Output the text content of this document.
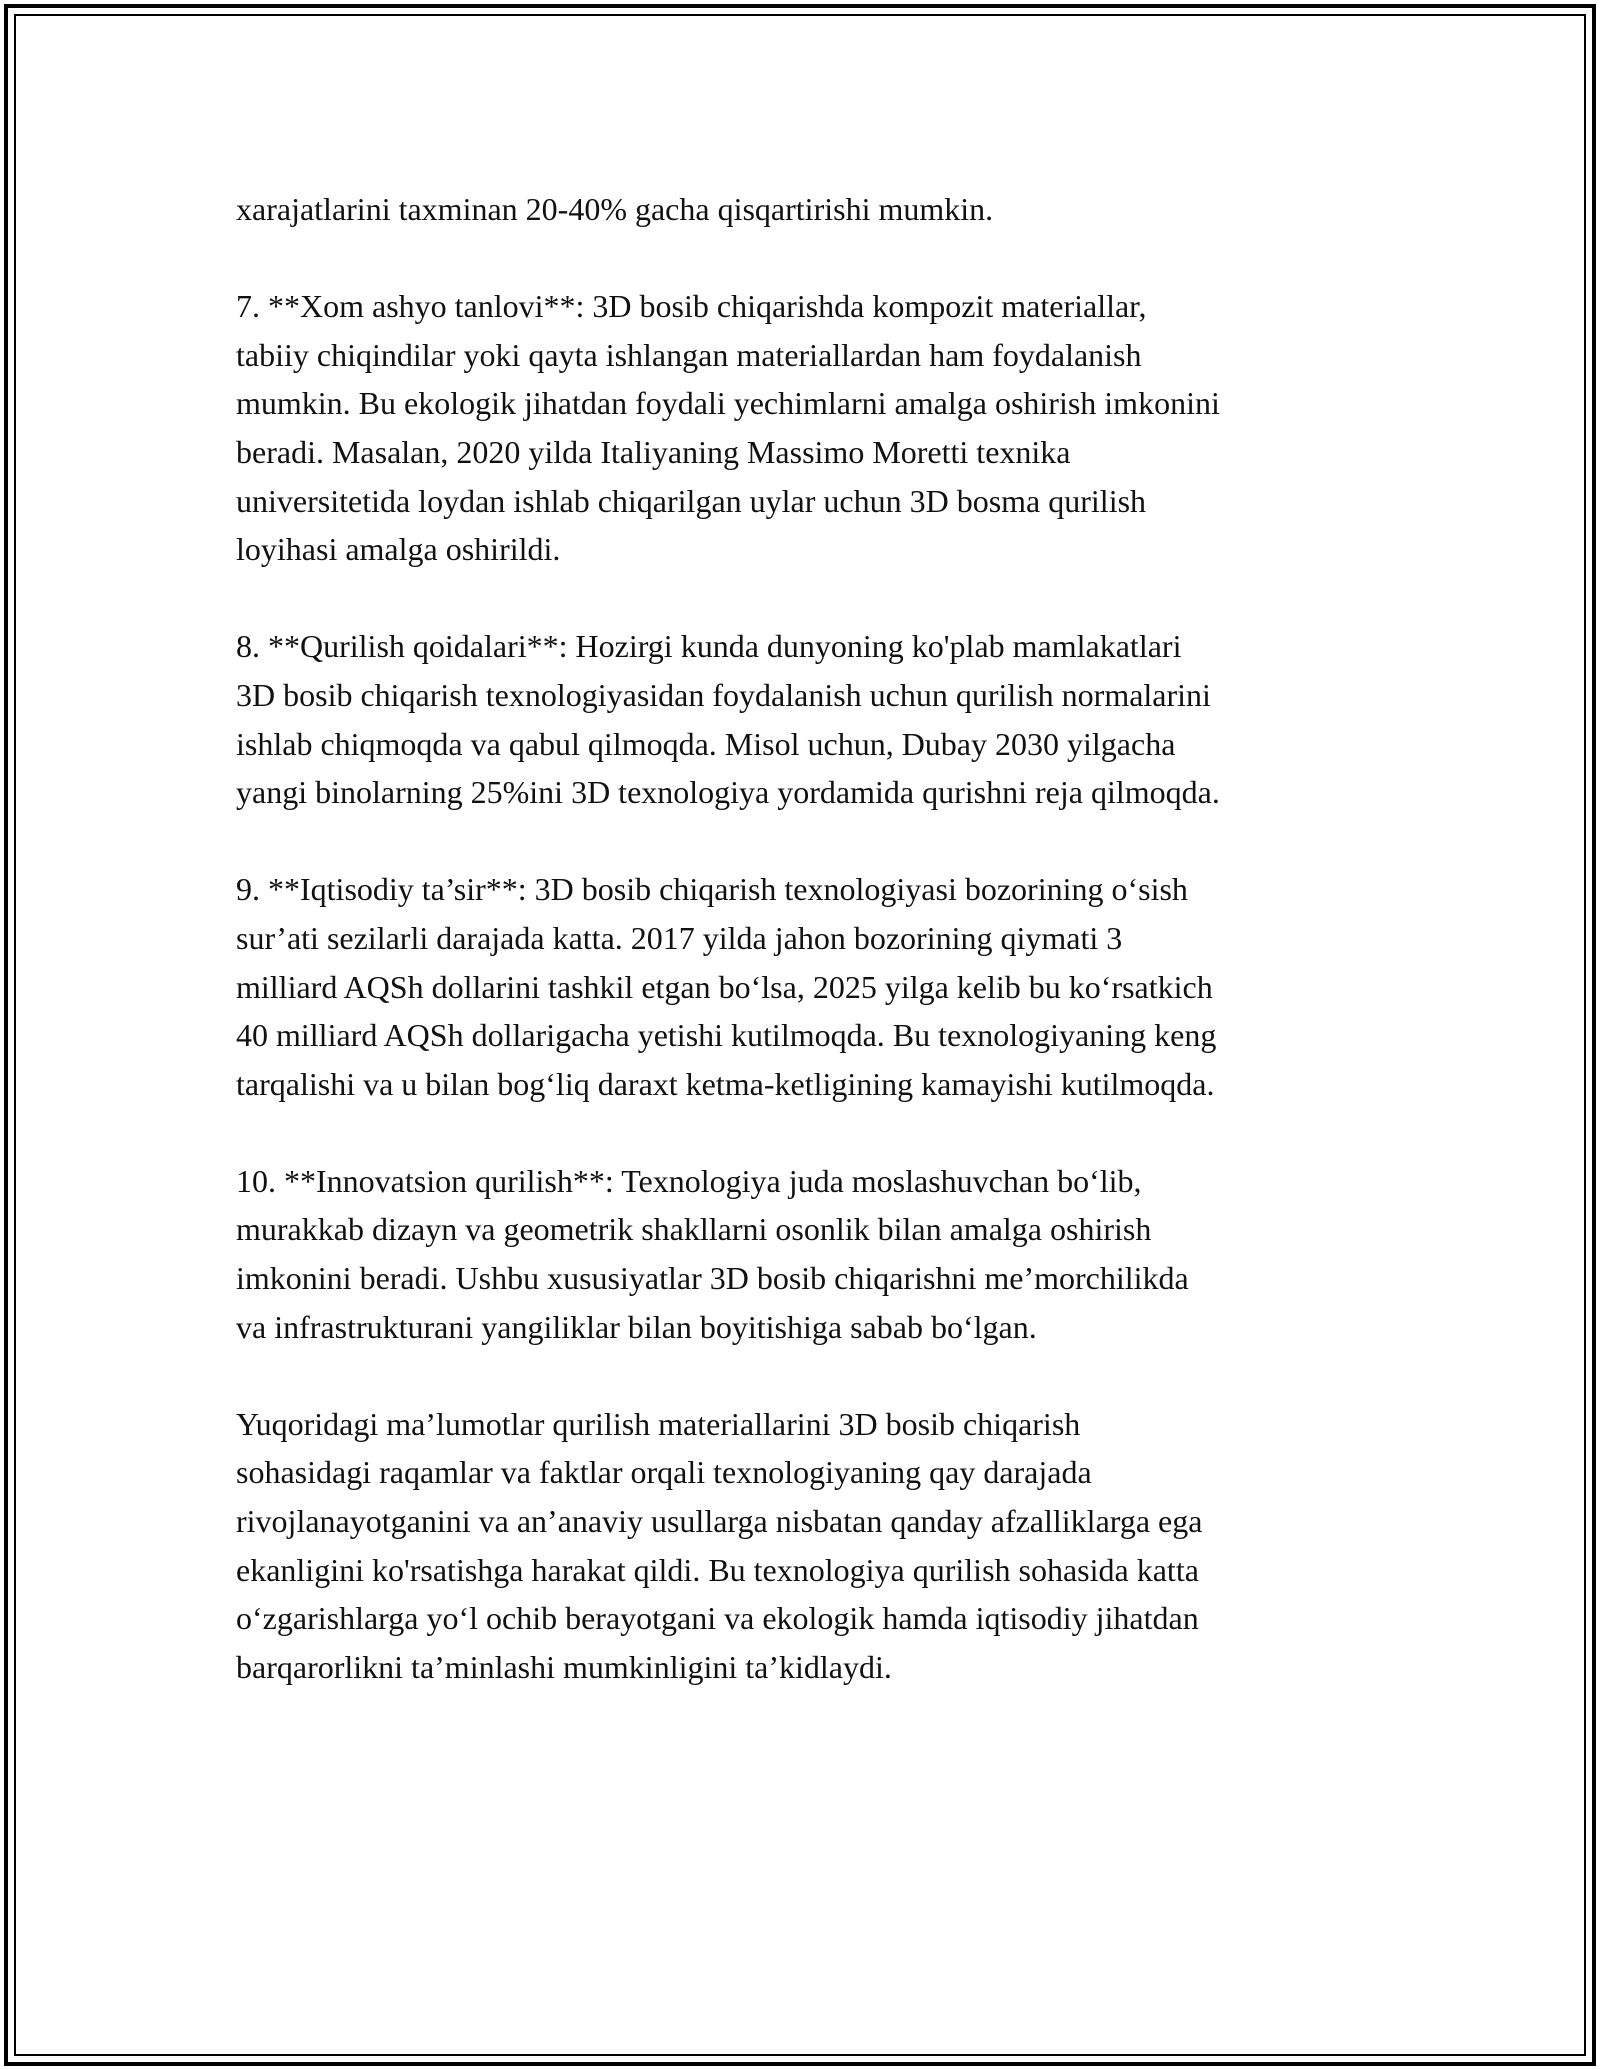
xarajatlarini taxminan 20-40% gacha qisqartirishi mumkin.
7. **Xom ashyo tanlovi**: 3D bosib chiqarishda kompozit materiallar,
tabiiy chiqindilar yoki qayta ishlangan materiallardan ham foydalanish
mumkin. Bu ekologik jihatdan foydali yechimlarni amalga oshirish imkonini
beradi. Masalan, 2020 yilda Italiyaning Massimo Moretti texnika
universitetida loydan ishlab chiqarilgan uylar uchun 3D bosma qurilish
loyihasi amalga oshirildi.
8. **Qurilish qoidalari**: Hozirgi kunda dunyoning ko'plab mamlakatlari
3D bosib chiqarish texnologiyasidan foydalanish uchun qurilish normalarini
ishlab chiqmoqda va qabul qilmoqda. Misol uchun, Dubay 2030 yilgacha
yangi binolarning 25%ini 3D texnologiya yordamida qurishni reja qilmoqda.
9. **Iqtisodiy ta’sir**: 3D bosib chiqarish texnologiyasi bozorining o‘sish
sur’ati sezilarli darajada katta. 2017 yilda jahon bozorining qiymati 3
milliard AQSh dollarini tashkil etgan bo‘lsa, 2025 yilga kelib bu ko‘rsatkich
40 milliard AQSh dollarigacha yetishi kutilmoqda. Bu texnologiyaning keng
tarqalishi va u bilan bog‘liq daraxt ketma-ketligining kamayishi kutilmoqda.
10. **Innovatsion qurilish**: Texnologiya juda moslashuvchan bo‘lib,
murakkab dizayn va geometrik shakllarni osonlik bilan amalga oshirish
imkonini beradi. Ushbu xususiyatlar 3D bosib chiqarishni me’morchilikda
va infrastrukturani yangiliklar bilan boyitishiga sabab bo‘lgan.
Yuqoridagi ma’lumotlar qurilish materiallarini 3D bosib chiqarish
sohasidagi raqamlar va faktlar orqali texnologiyaning qay darajada
rivojlanayotganini va an’anaviy usullarga nisbatan qanday afzalliklarga ega
ekanligini ko'rsatishga harakat qildi. Bu texnologiya qurilish sohasida katta
o‘zgarishlarga yo‘l ochib berayotgani va ekologik hamda iqtisodiy jihatdan
barqarorlikni ta’minlashi mumkinligini ta’kidlaydi.
